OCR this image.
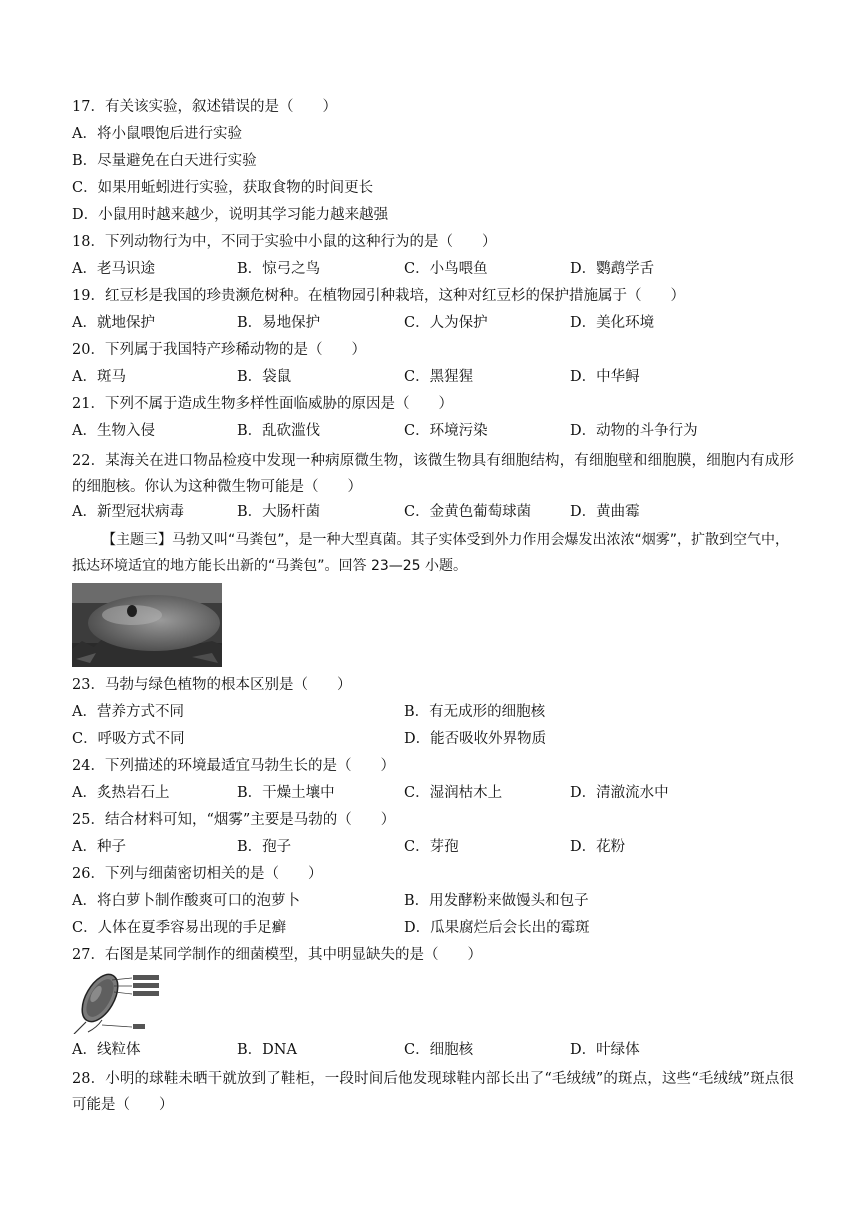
17．有关该实验，叙述错误的是（　　）
A．将小鼠喂饱后进行实验
B．尽量避免在白天进行实验
C．如果用蚯蚓进行实验，获取食物的时间更长
D．小鼠用时越来越少，说明其学习能力越来越强
18．下列动物行为中，不同于实验中小鼠的这种行为的是（　　）
A．老马识途	B．惊弓之鸟	C．小鸟喂鱼	D．鹦鹉学舌
19．红豆杉是我国的珍贵濒危树种。在植物园引种栽培，这种对红豆杉的保护措施属于（　　）
A．就地保护	B．易地保护	C．人为保护	D．美化环境
20．下列属于我国特产珍稀动物的是（　　）
A．斑马	B．袋鼠	C．黑猩猩	D．中华鲟
21．下列不属于造成生物多样性面临威胁的原因是（　　）
A．生物入侵	B．乱砍滥伐	C．环境污染	D．动物的斗争行为
22．某海关在进口物品检疫中发现一种病原微生物，该微生物具有细胞结构，有细胞壁和细胞膜，细胞内有成形的细胞核。你认为这种微生物可能是（　　）
A．新型冠状病毒	B．大肠杆菌	C．金黄色葡萄球菌	D．黄曲霉
【主题三】马勃又叫“马粪包”，是一种大型真菌。其子实体受到外力作用会爆发出浓浓“烟雾”，扩散到空气中，抵达环境适宜的地方能长出新的“马粪包”。回答 23—25 小题。
23．马勃与绿色植物的根本区别是（　　）
A．营养方式不同	B．有无成形的细胞核
C．呼吸方式不同	D．能否吸收外界物质
24．下列描述的环境最适宜马勃生长的是（　　）
A．炙热岩石上	B．干燥土壤中	C．湿润枯木上	D．清澈流水中
25．结合材料可知，“烟雾”主要是马勃的（　　）
A．种子	B．孢子	C．芽孢	D．花粉
26．下列与细菌密切相关的是（　　）
A．将白萝卜制作酸爽可口的泡萝卜	B．用发酵粉来做馒头和包子
C．人体在夏季容易出现的手足癣	D．瓜果腐烂后会长出的霉斑
27．右图是某同学制作的细菌模型，其中明显缺失的是（　　）
A．线粒体	B．DNA	C．细胞核	D．叶绿体
28．小明的球鞋未晒干就放到了鞋柜，一段时间后他发现球鞋内部长出了“毛绒绒”的斑点，这些“毛绒绒”斑点很可能是（　　）
